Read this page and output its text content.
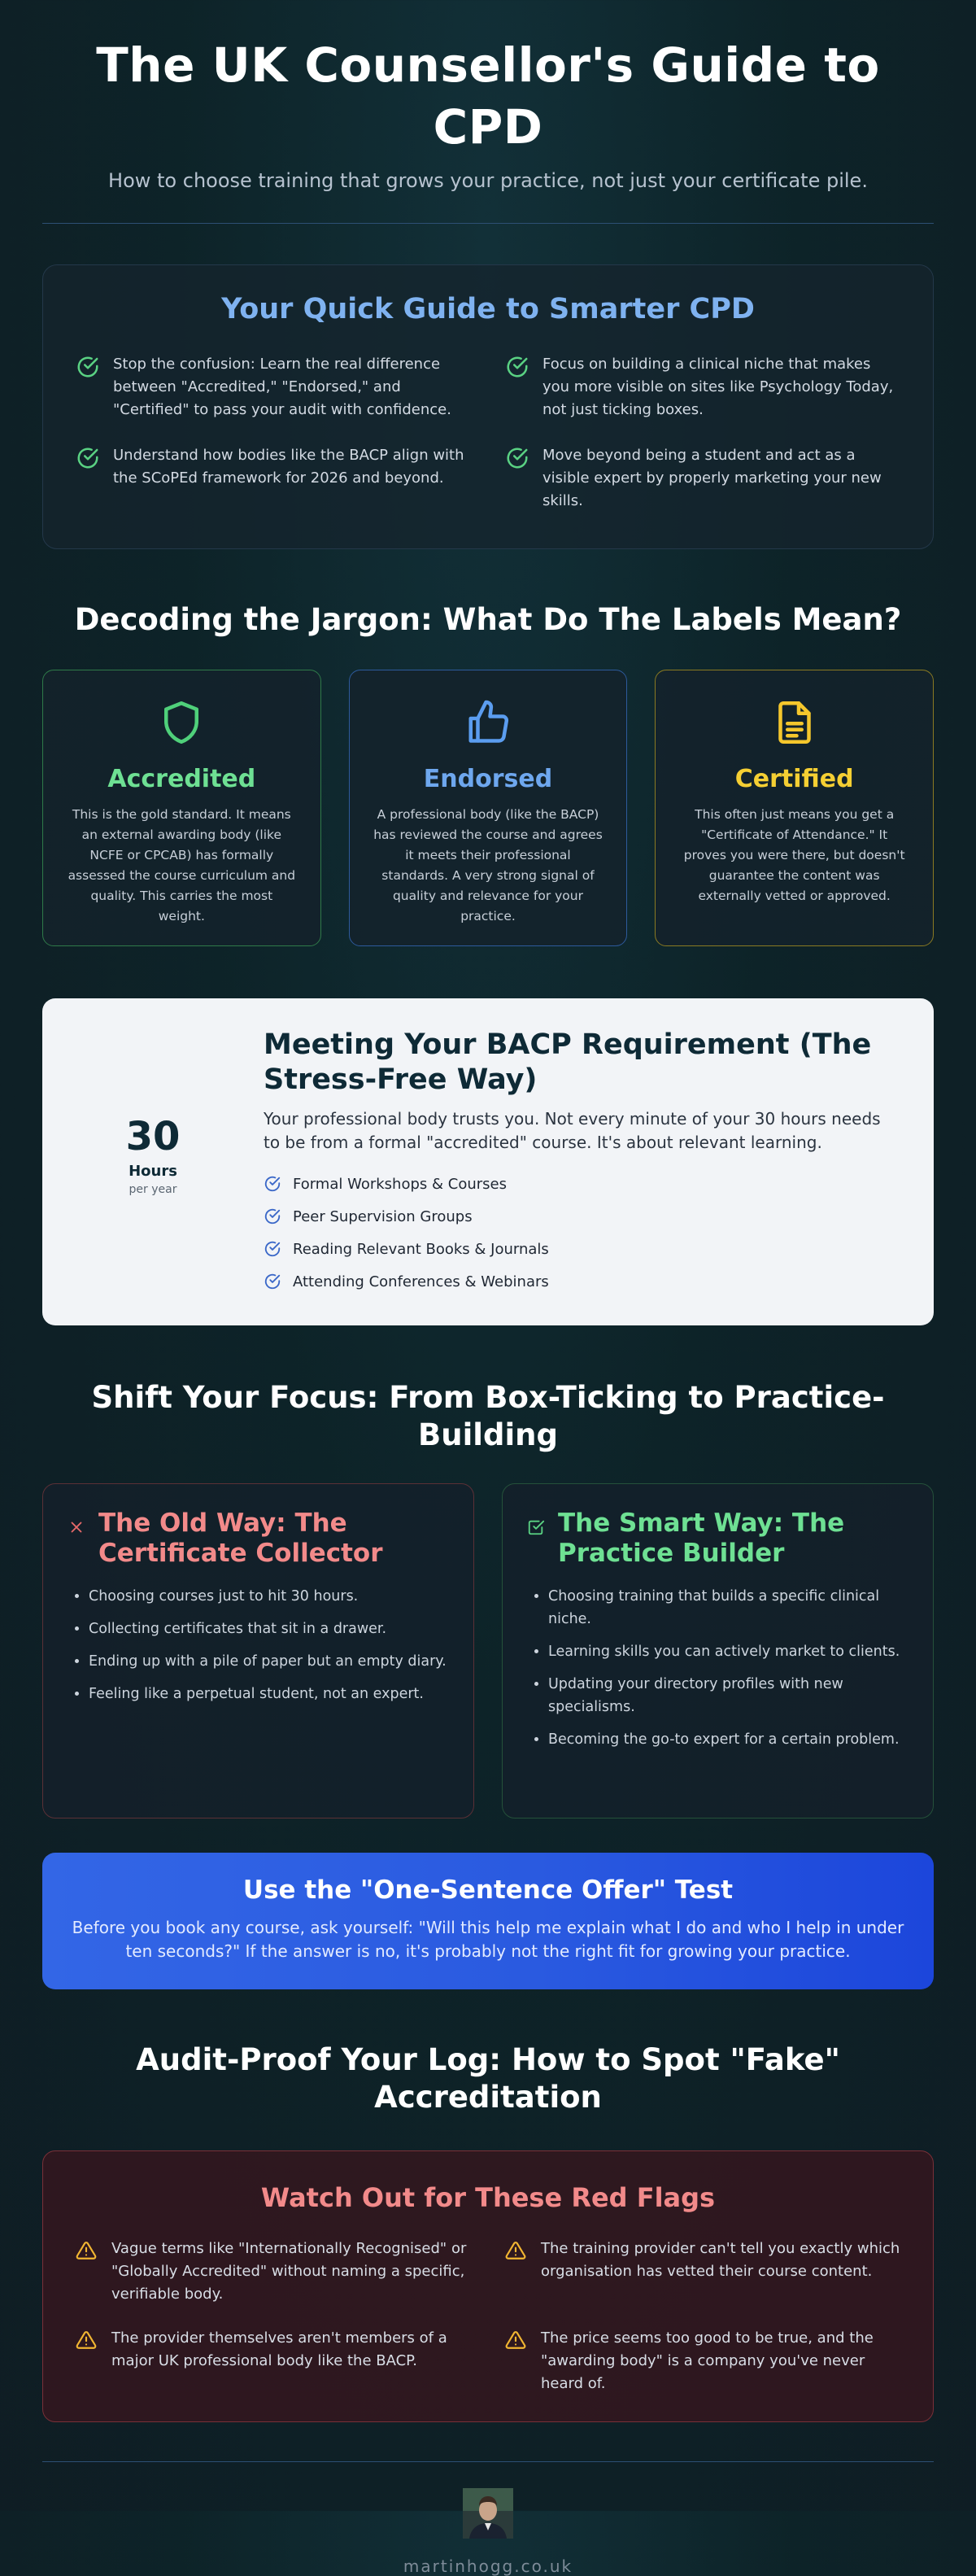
The UK Counsellor's Guide to CPD

How to choose training that grows your practice, not just your certificate pile.

Your Quick Guide to Smarter CPD

Stop the confusion: Learn the real difference between "Accredited," "Endorsed," and "Certified" to pass your audit with confidence.

Focus on building a clinical niche that makes you more visible on sites like Psychology Today, not just ticking boxes.

Understand how bodies like the BACP align with the SCoPEd framework for 2026 and beyond.

Move beyond being a student and act as a visible expert by properly marketing your new skills.

Decoding the Jargon: What Do The Labels Mean?
Accredited

This is the gold standard. It means an external awarding body (like NCFE or CPCAB) has formally assessed the course curriculum and quality. This carries the most weight.

Endorsed

A professional body (like the BACP) has reviewed the course and agrees it meets their professional standards. A very strong signal of quality and relevance for your practice.

Certified

This often just means you get a "Certificate of Attendance." It proves you were there, but doesn't guarantee the content was externally vetted or approved.

30
Hours
per year
Meeting Your BACP Requirement (The Stress-Free Way)

Your professional body trusts you. Not every minute of your 30 hours needs to be from a formal "accredited" course. It's about relevant learning.

Formal Workshops & Courses
Peer Supervision Groups
Reading Relevant Books & Journals
Attending Conferences & Webinars
Shift Your Focus: From Box-Ticking to Practice-Building
The Old Way: The Certificate Collector
• Choosing courses just to hit 30 hours.
• Collecting certificates that sit in a drawer.
• Ending up with a pile of paper but an empty diary.
• Feeling like a perpetual student, not an expert.
The Smart Way: The Practice Builder
• Choosing training that builds a specific clinical niche.
• Learning skills you can actively market to clients.
• Updating your directory profiles with new specialisms.
• Becoming the go-to expert for a certain problem.
Use the "One-Sentence Offer" Test

Before you book any course, ask yourself: "Will this help me explain what I do and who I help in under ten seconds?" If the answer is no, it's probably not the right fit for growing your practice.

Audit-Proof Your Log: How to Spot "Fake" Accreditation
Watch Out for These Red Flags

Vague terms like "Internationally Recognised" or "Globally Accredited" without naming a specific, verifiable body.

The training provider can't tell you exactly which organisation has vetted their course content.

The provider themselves aren't members of a major UK professional body like the BACP.

The price seems too good to be true, and the "awarding body" is a company you've never heard of.

martinhogg.co.uk
